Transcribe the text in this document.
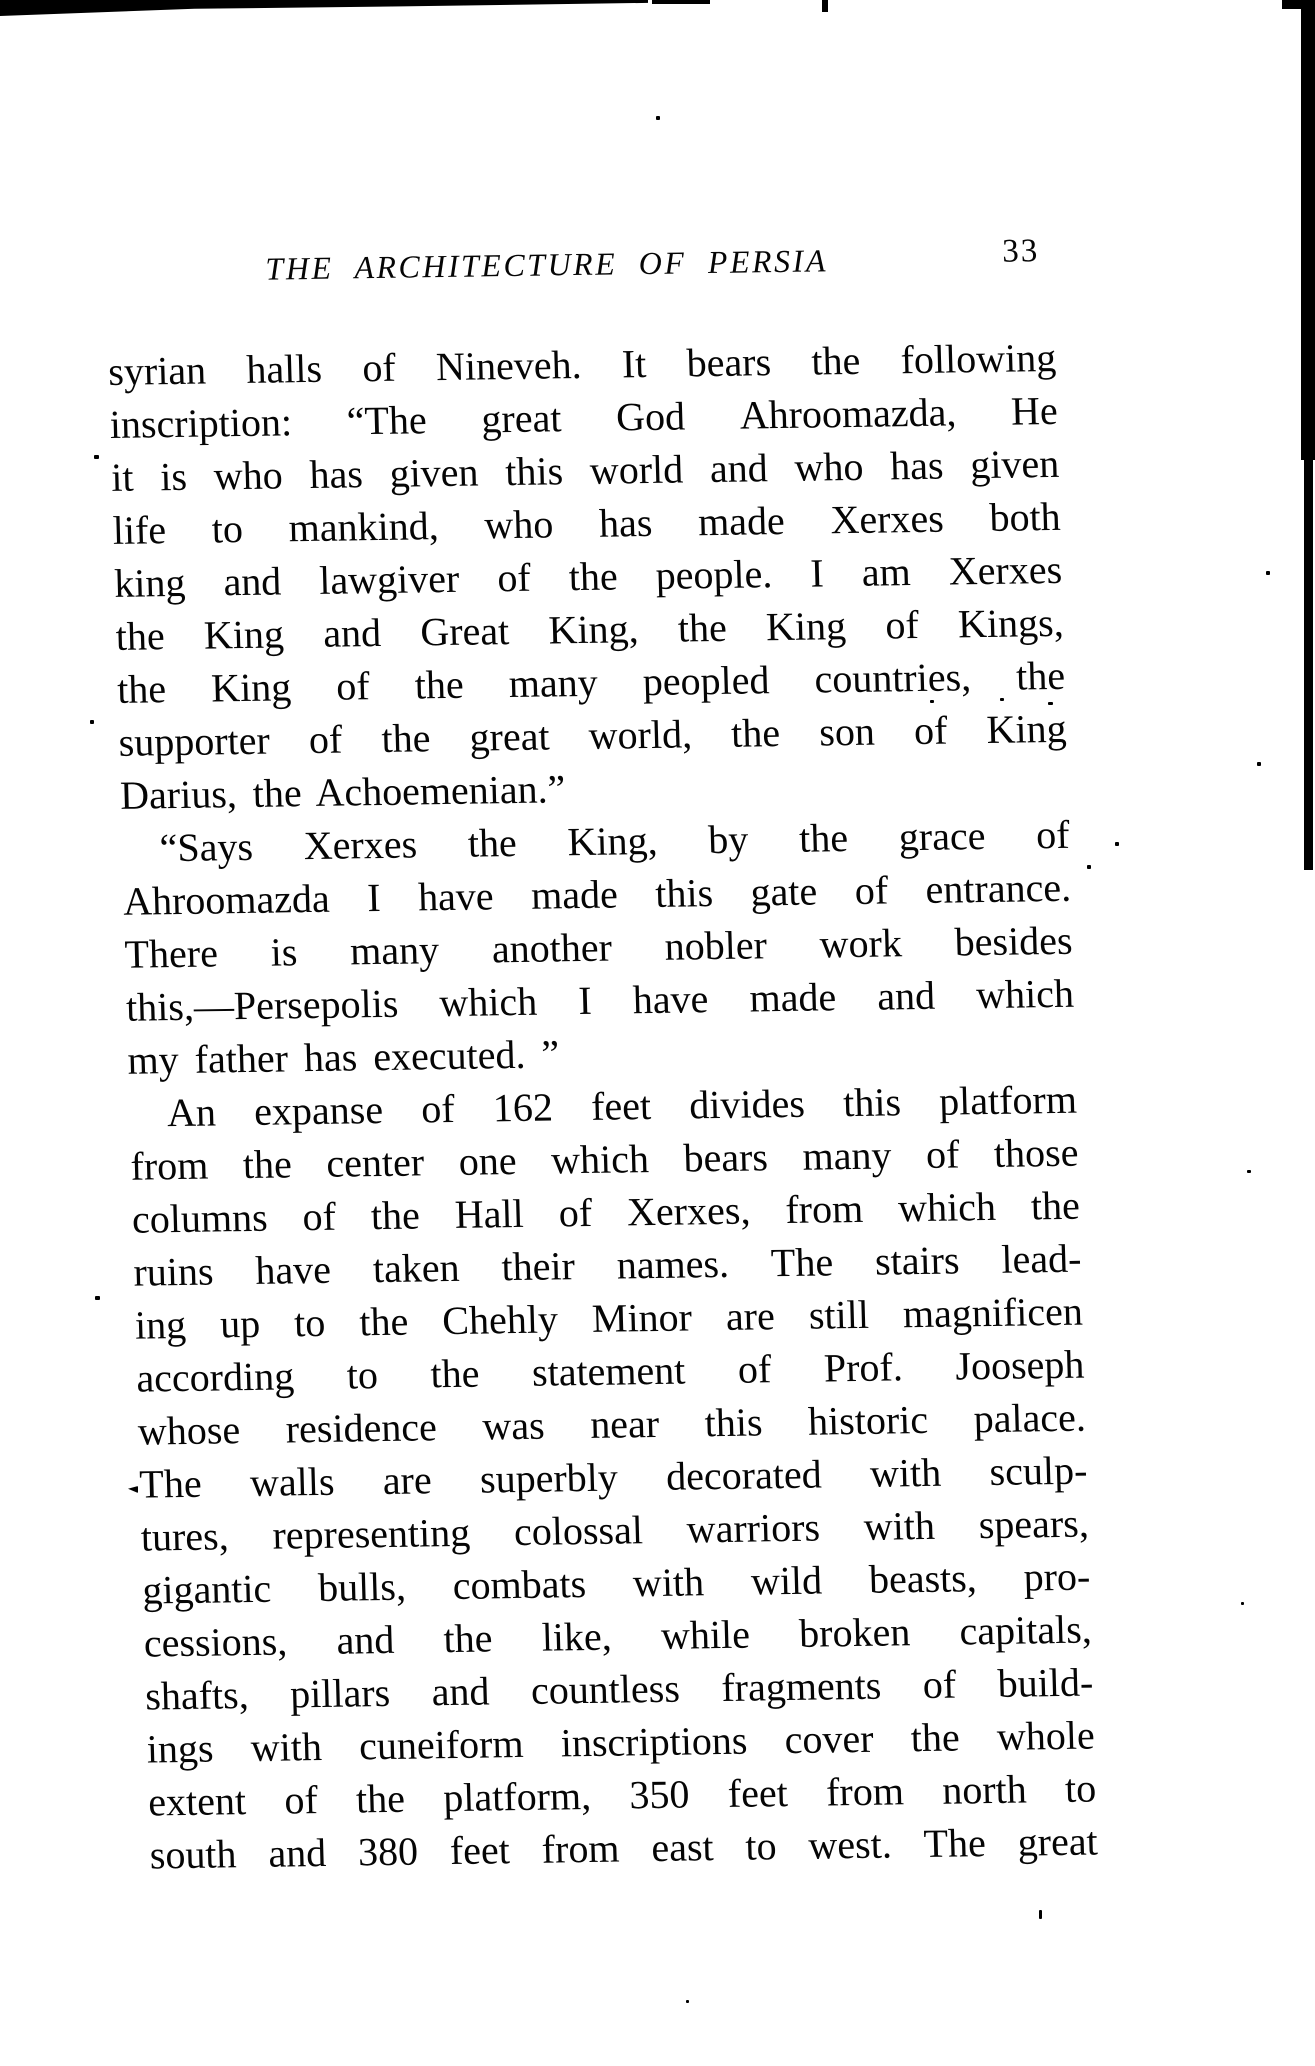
THE ARCHITECTURE OF PERSIA	33
syrian halls of Nineveh. It bears the following
inscription: “The great God Ahroomazda, He
it is who has given this world and who has given
life to mankind, who has made Xerxes both
king and lawgiver of the people. I am Xerxes
the King and Great King, the King of Kings,
the King of the many peopled countries, the
supporter of the great world, the son of King
Darius, the Achoemenian.”
“Says Xerxes the King, by the grace of
Ahroomazda I have made this gate of entrance.
There is many another nobler work besides
this,—Persepolis which I have made and which
my father has executed. ”
An expanse of 162 feet divides this platform
from the center one which bears many of those
columns of the Hall of Xerxes, from which the
ruins have taken their names. The stairs lead-
ing up to the Chehly Minor are still magnificen
according to the statement of Prof. Jooseph
whose residence was near this historic palace.
The walls are superbly decorated with sculp-
tures, representing colossal warriors with spears,
gigantic bulls, combats with wild beasts, pro-
cessions, and the like, while broken capitals,
shafts, pillars and countless fragments of build-
ings with cuneiform inscriptions cover the whole
extent of the platform, 350 feet from north to
south and 380 feet from east to west. The great
